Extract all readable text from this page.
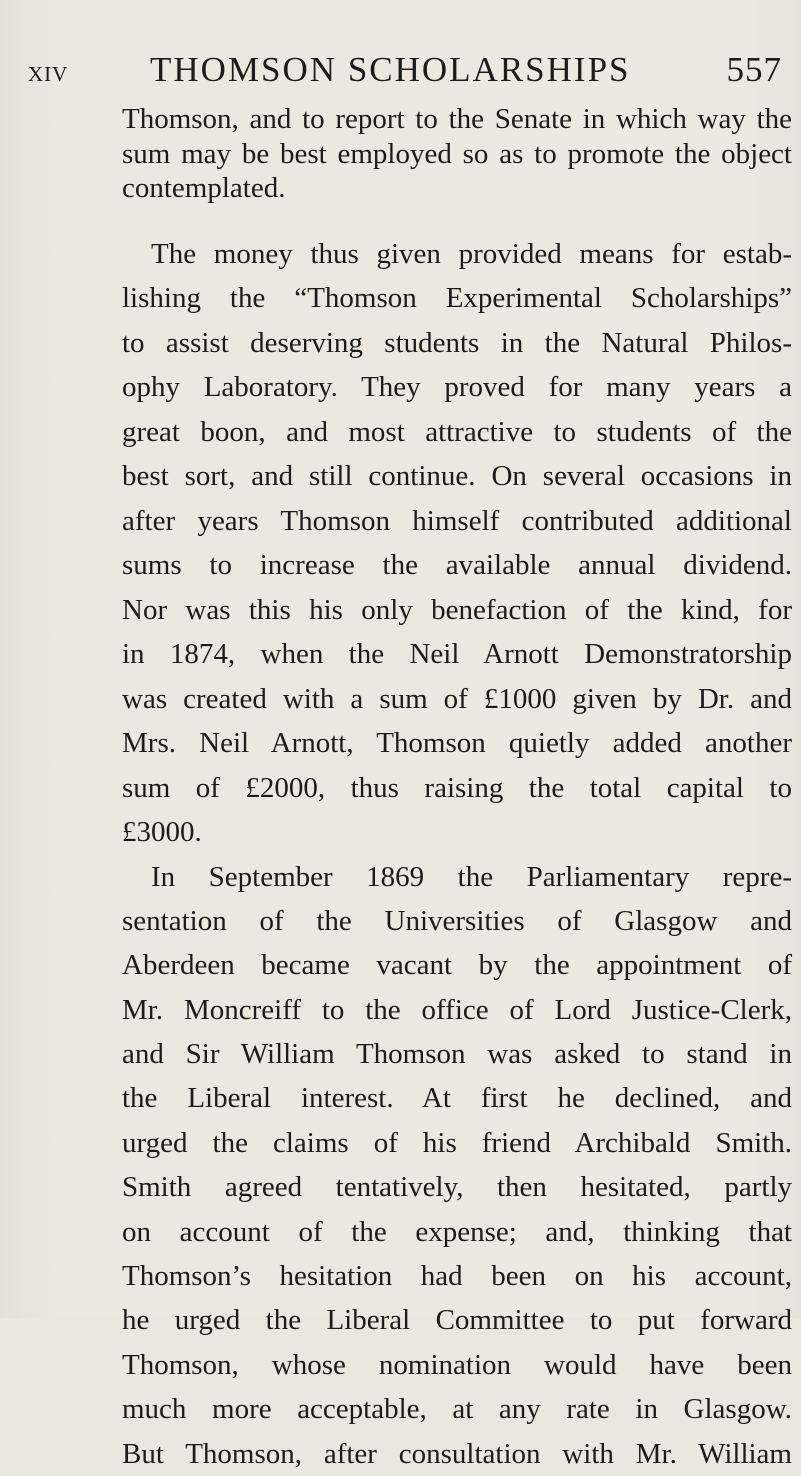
XIV THOMSON SCHOLARSHIPS	557
Thomson, and to report to the Senate in which way the
sum may be best employed so as to promote the object
contemplated.
The money thus given provided means for estab-
lishing the “Thomson Experimental Scholarships”
to assist deserving students in the Natural Philos-
ophy Laboratory. They proved for many years a
great boon, and most attractive to students of the
best sort, and still continue. On several occasions in
after years Thomson himself contributed additional
sums to increase the available annual dividend.
Nor was this his only benefaction of the kind, for
in 1874, when the Neil Arnott Demonstratorship
was created with a sum of £1000 given by Dr. and
Mrs. Neil Arnott, Thomson quietly added another
sum of £2000, thus raising the total capital to
£3000.
In September 1869 the Parliamentary repre-
sentation of the Universities of Glasgow and
Aberdeen became vacant by the appointment of
Mr. Moncreiff to the office of Lord Justice-Clerk,
and Sir William Thomson was asked to stand in
the Liberal interest. At first he declined, and
urged the claims of his friend Archibald Smith.
Smith agreed tentatively, then hesitated, partly
on account of the expense; and, thinking that
Thomson’s hesitation had been on his account,
he urged the Liberal Committee to put forward
Thomson, whose nomination would have been
much more acceptable, at any rate in Glasgow.
But Thomson, after consultation with Mr. William
